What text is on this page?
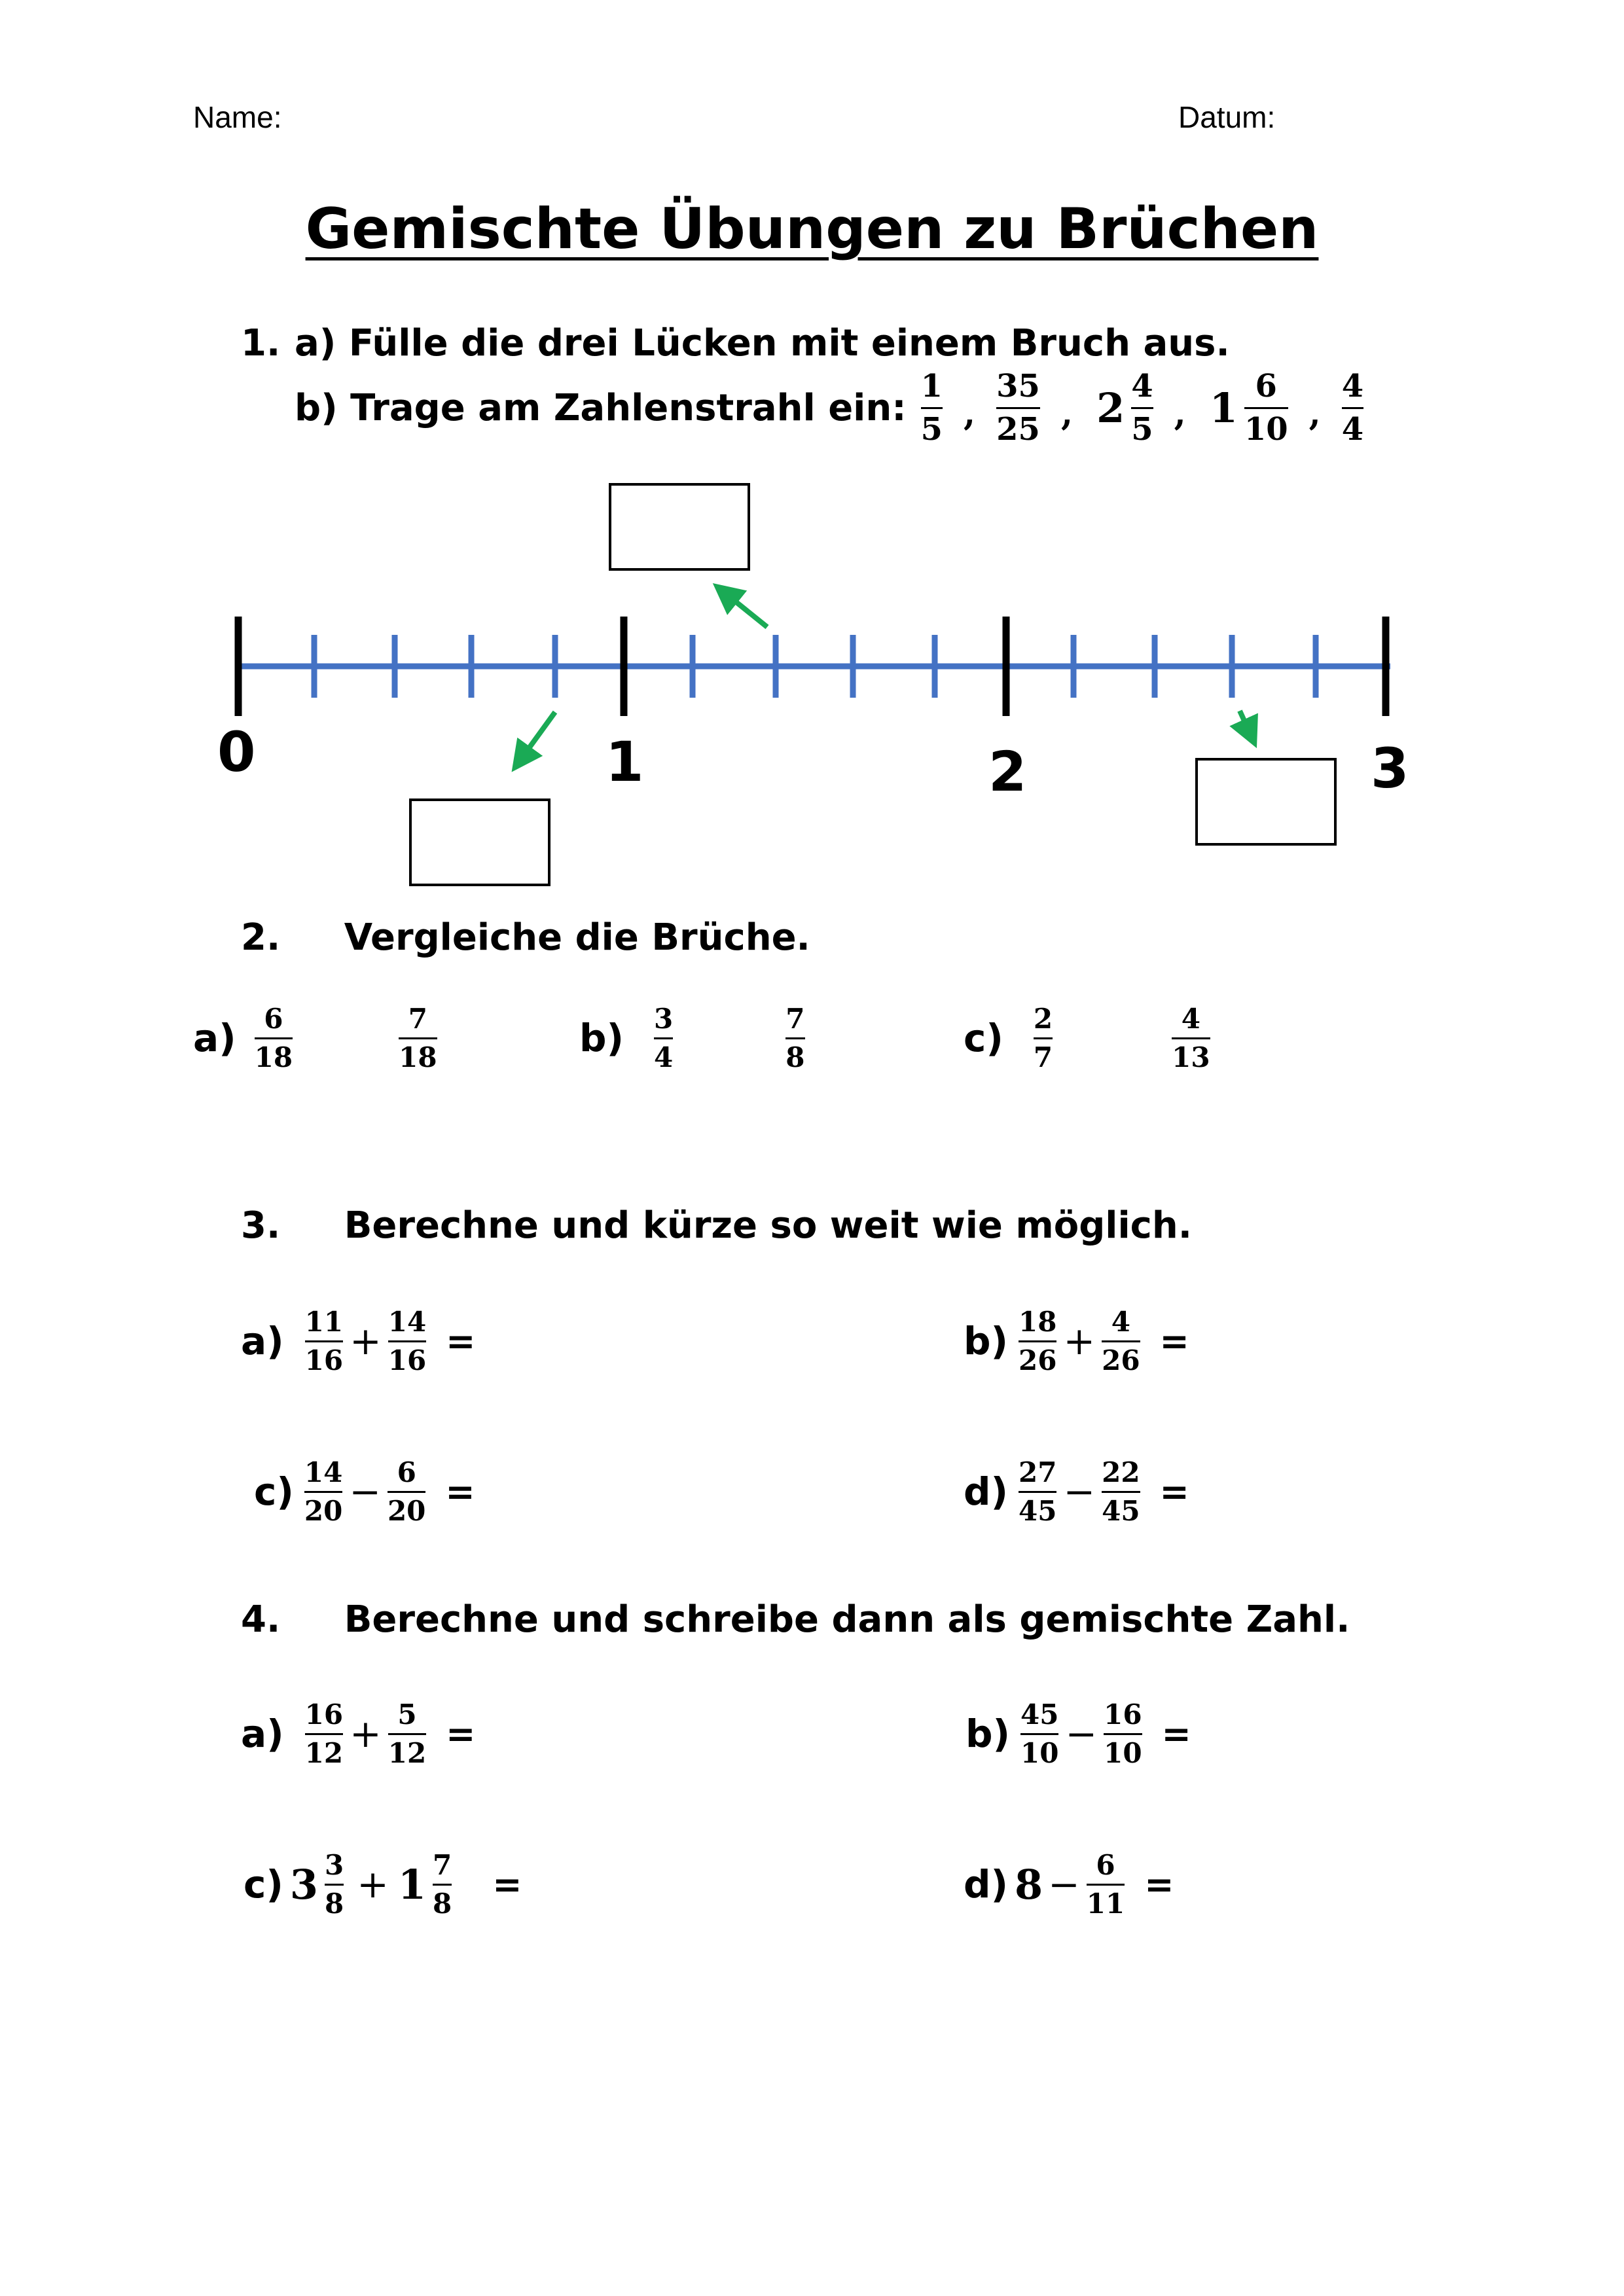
Name:	Datum:
Gemischte Übungen zu Brüchen
1. a) Fülle die drei Lücken mit einem Bruch aus.
b) Trage am Zahlenstrahl ein: $\frac{1}{5}$ , $\frac{35}{25}$ , $2 \frac{4}{5}$ , $1 \frac{6}{10}$ , $\frac{4}{4}$
0	1	2	3
2.     Vergleiche die Brüche.
$a) \frac{6}{18}$	$\frac{7}{18}$	$b) \frac{3}{4}$	$\frac{7}{8}$	$c) \frac{2}{7}$	$\frac{4}{13}$
3.     Berechne und kürze so weit wie möglich.
$a) \frac{11}{16} + \frac{14}{16}$ =	$b) \frac{18}{26} + \frac{4}{26}$ =
$c) \frac{14}{20} - \frac{6}{20}$ =	$d) \frac{27}{45} - \frac{22}{45}$ =
4.     Berechne und schreibe dann als gemischte Zahl.
$a) \frac{16}{12} + \frac{5}{12}$ =	$b) \frac{45}{10} - \frac{16}{10}$ =
c) $3 \frac{3}{8} + 1 \frac{7}{8}$ =	d) $8 - \frac{6}{11}$ =
